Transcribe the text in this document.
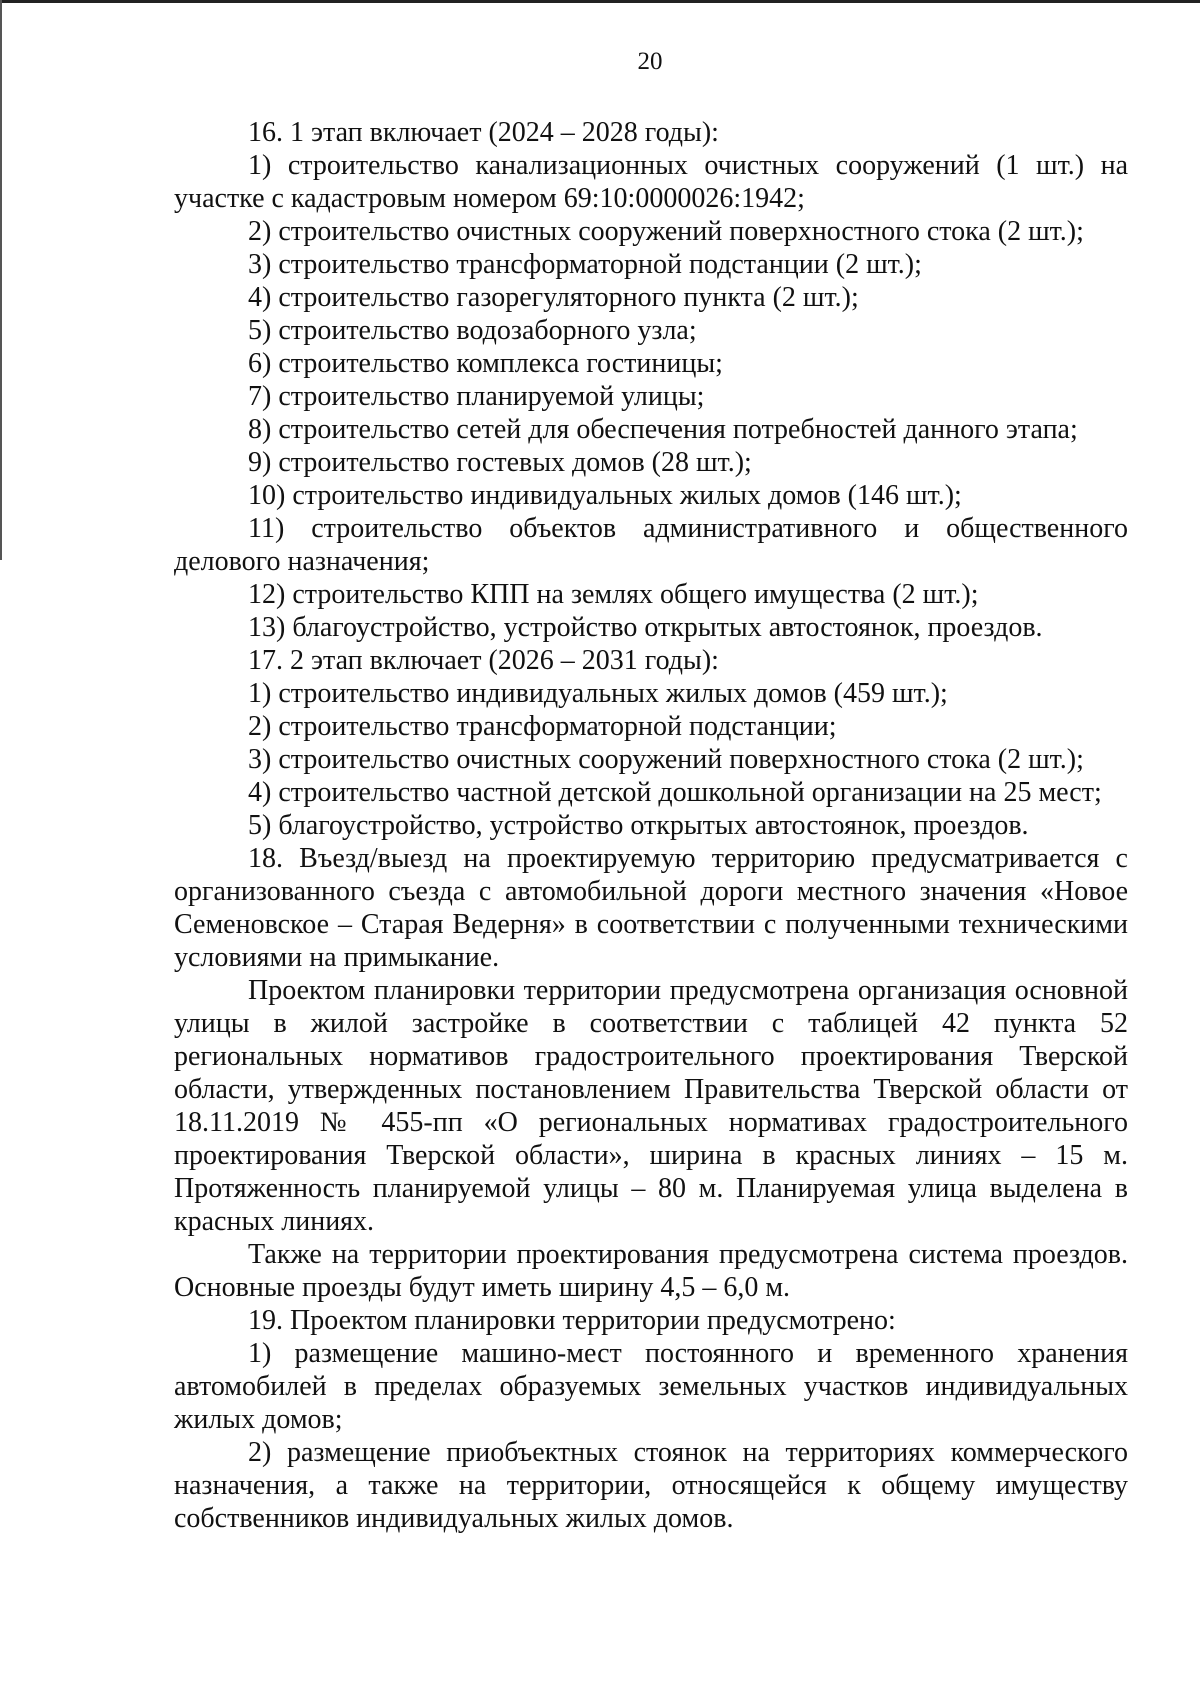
20

16. 1 этап включает (2024 – 2028 годы):

1) строительство канализационных очистных сооружений (1 шт.) на участке с кадастровым номером 69:10:0000026:1942;

2) строительство очистных сооружений поверхностного стока (2 шт.);

3) строительство трансформаторной подстанции (2 шт.);

4) строительство газорегуляторного пункта (2 шт.);

5) строительство водозаборного узла;

6) строительство комплекса гостиницы;

7) строительство планируемой улицы;

8) строительство сетей для обеспечения потребностей данного этапа;

9) строительство гостевых домов (28 шт.);

10) строительство индивидуальных жилых домов (146 шт.);

11) строительство объектов административного и общественного делового назначения;

12) строительство КПП на землях общего имущества (2 шт.);

13) благоустройство, устройство открытых автостоянок, проездов.

17. 2 этап включает (2026 – 2031 годы):

1) строительство индивидуальных жилых домов (459 шт.);

2) строительство трансформаторной подстанции;

3) строительство очистных сооружений поверхностного стока (2 шт.);

4) строительство частной детской дошкольной организации на 25 мест;

5) благоустройство, устройство открытых автостоянок, проездов.

18. Въезд/выезд на проектируемую территорию предусматривается с организованного съезда с автомобильной дороги местного значения «Новое Семеновское – Старая Ведерня» в соответствии с полученными техническими условиями на примыкание.

Проектом планировки территории предусмотрена организация основной улицы в жилой застройке в соответствии с таблицей 42 пункта 52 региональных нормативов градостроительного проектирования Тверской области, утвержденных постановлением Правительства Тверской области от 18.11.2019 № 455-пп «О региональных нормативах градостроительного проектирования Тверской области», ширина в красных линиях – 15 м. Протяженность планируемой улицы – 80 м. Планируемая улица выделена в красных линиях.

Также на территории проектирования предусмотрена система проездов. Основные проезды будут иметь ширину 4,5 – 6,0 м.

19. Проектом планировки территории предусмотрено:

1) размещение машино-мест постоянного и временного хранения автомобилей в пределах образуемых земельных участков индивидуальных жилых домов;

2) размещение приобъектных стоянок на территориях коммерческого назначения, а также на территории, относящейся к общему имуществу собственников индивидуальных жилых домов.
